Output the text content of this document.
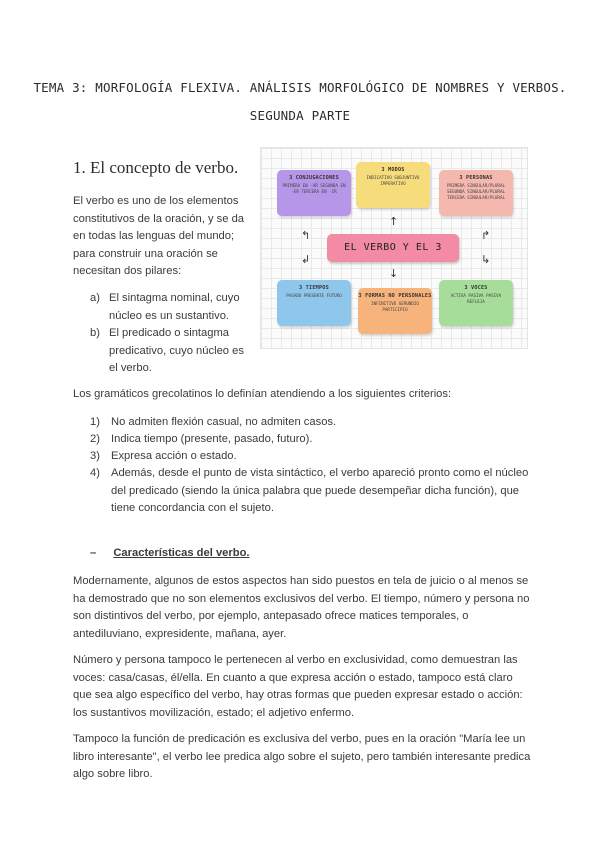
TEMA 3: MORFOLOGÍA FLEXIVA. ANÁLISIS MORFOLÓGICO DE NOMBRES Y VERBOS.
SEGUNDA PARTE
1. El concepto de verbo.
El verbo es uno de los elementos constitutivos de la oración, y se da en todas las lenguas del mundo; para construir una oración se necesitan dos pilares:
a) El sintagma nominal, cuyo núcleo es un sustantivo.
b) El predicado o sintagma predicativo, cuyo núcleo es el verbo.
3 CONJUGACIONES
PRIMERA EN -AR SEGUNDA EN -ER TERCERA EN -IR
3 MODOS
INDICATIVO SUBJUNTIVO IMPERATIVO
3 PERSONAS
PRIMERA SINGULAR/PLURAL SEGUNDA SINGULAR/PLURAL TERCERA SINGULAR/PLURAL
EL VERBO Y EL 3
3 TIEMPOS
PASADO PRESENTE FUTURO	3 FORMAS NO PERSONALES
INFINITIVO GERUNDIO PARTICIPIO
3 VOCES
ACTIVA PASIVA PASIVA REFLEJA
↰
↲
↑
↓
↱
↳
Los gramáticos grecolatinos lo definían atendiendo a los siguientes criterios:
1) No admiten flexión casual, no admiten casos.
2) Indica tiempo (presente, pasado, futuro).
3) Expresa acción o estado.
4) Además, desde el punto de vista sintáctico, el verbo apareció pronto como el núcleo del predicado (siendo la única palabra que puede desempeñar dicha función), que tiene concordancia con el sujeto.
– Características del verbo.
Modernamente, algunos de estos aspectos han sido puestos en tela de juicio o al menos se ha demostrado que no son elementos exclusivos del verbo. El tiempo, número y persona no son distintivos del verbo, por ejemplo, antepasado ofrece matices temporales, o antediluviano, expresidente, mañana, ayer.
Número y persona tampoco le pertenecen al verbo en exclusividad, como demuestran las voces: casa/casas, él/ella. En cuanto a que expresa acción o estado, tampoco está claro que sea algo específico del verbo, hay otras formas que pueden expresar estado o acción: los sustantivos movilización, estado; el adjetivo enfermo.
Tampoco la función de predicación es exclusiva del verbo, pues en la oración "María lee un libro interesante", el verbo lee predica algo sobre el sujeto, pero también interesante predica algo sobre libro.
